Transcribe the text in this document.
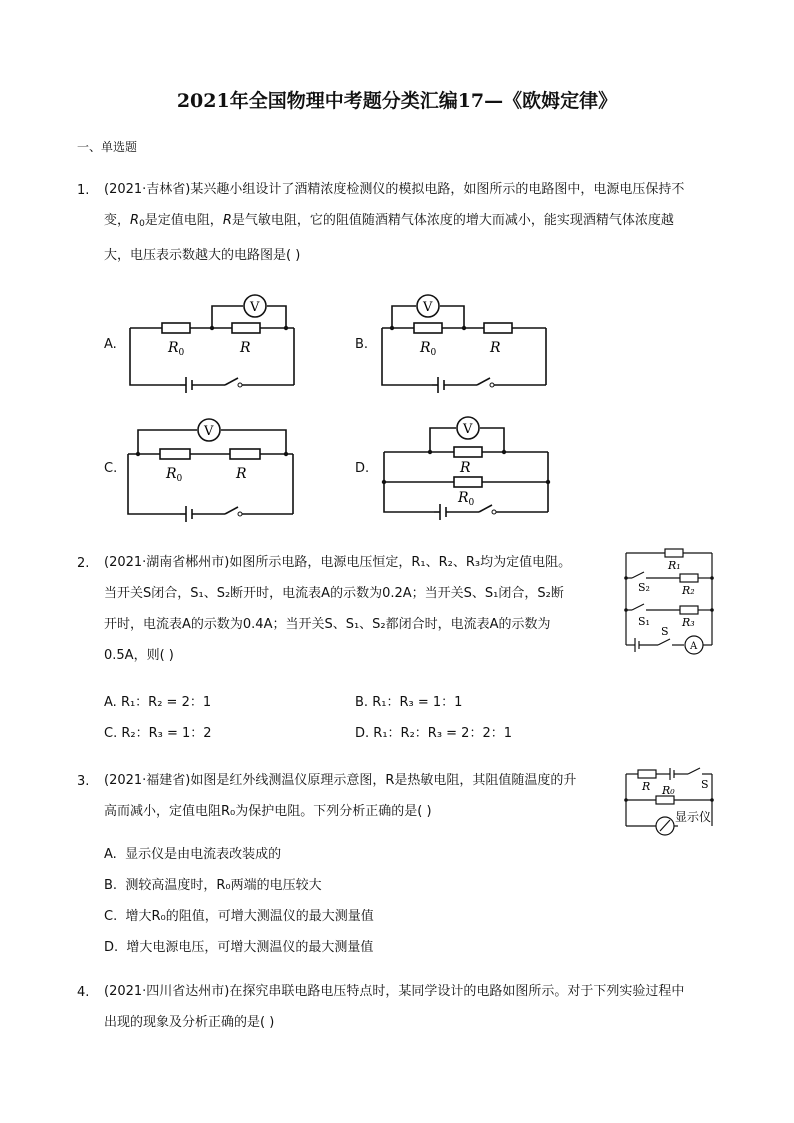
2021年全国物理中考题分类汇编17—《欧姆定律》
一、单选题
1. (2021·吉林省)某兴趣小组设计了酒精浓度检测仪的模拟电路，如图所示的电路图中，电源电压保持不
变，$R_0$是定值电阻，R是气敏电阻，它的阻值随酒精气体浓度的增大而减小，能实现酒精气体浓度越
大，电压表示数越大的电路图是( )
A.	B.
C.	D.
V
$R_0$	R
V
$R_0$	R
V
$R_0$	R
V
R
$R_0$
2. (2021·湖南省郴州市)如图所示电路，电源电压恒定，R₁、R₂、R₃均为定值电阻。
当开关S闭合，S₁、S₂断开时，电流表A的示数为0.2A；当开关S、S₁闭合，S₂断
开时，电流表A的示数为0.4A；当开关S、S₁、S₂都闭合时，电流表A的示数为
0.5A，则( )
R₁
R₂
R₃
S₂
S₁
S
A
A. R₁：R₂ = 2：1	B. R₁：R₃ = 1：1
C. R₂：R₃ = 1：2	D. R₁：R₂：R₃ = 2：2：1
3. (2021·福建省)如图是红外线测温仪原理示意图，R是热敏电阻，其阻值随温度的升
高而减小，定值电阻R₀为保护电阻。下列分析正确的是( )
R R₀ S
显示仪
A. 显示仪是由电流表改装成的
B. 测较高温度时，R₀两端的电压较大
C. 增大R₀的阻值，可增大测温仪的最大测量值
D. 增大电源电压，可增大测温仪的最大测量值
4. (2021·四川省达州市)在探究串联电路电压特点时，某同学设计的电路如图所示。对于下列实验过程中
出现的现象及分析正确的是( )
